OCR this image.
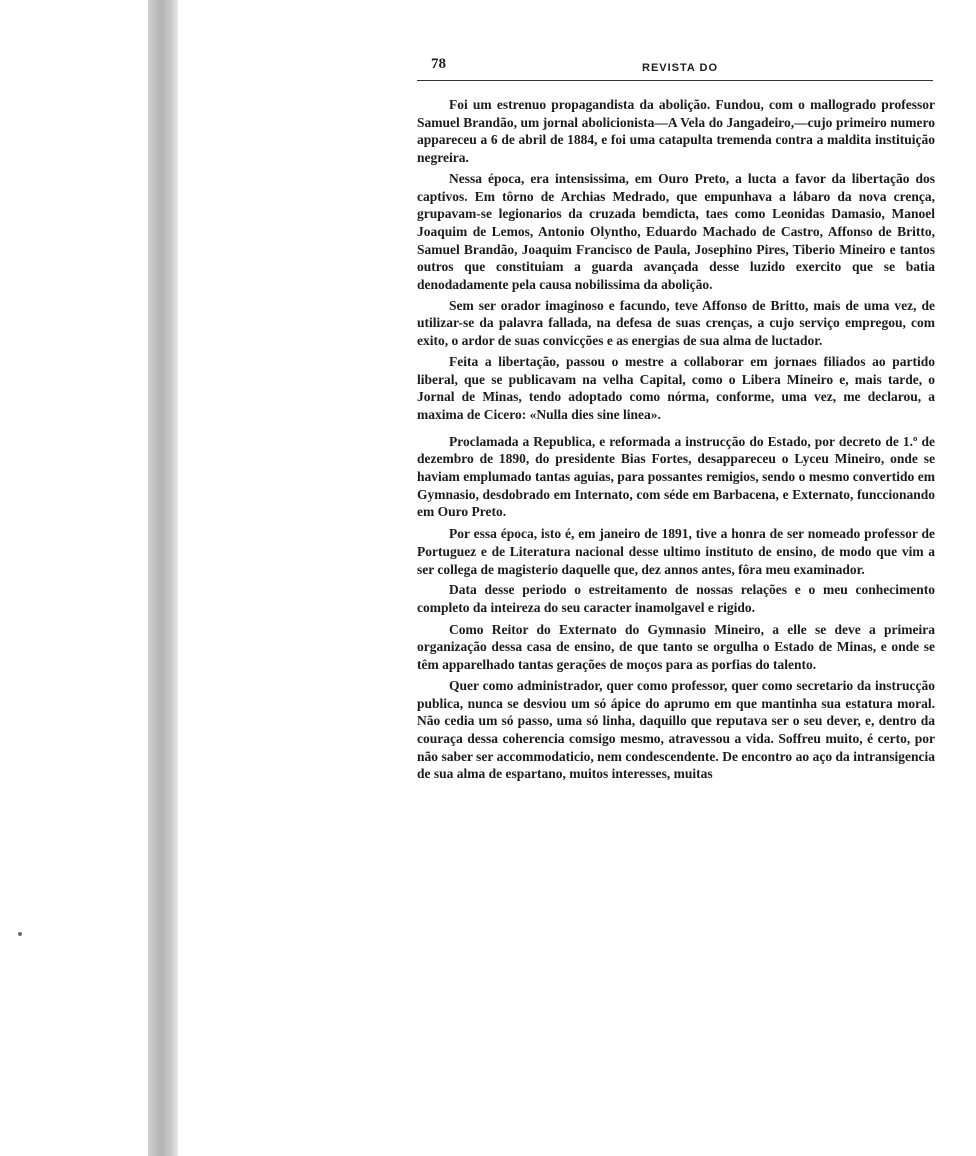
78	REVISTA DO

Foi um estrenuo propagandista da abolição. Fundou, com o mallogrado professor Samuel Brandão, um jornal abolicionista—A Vela do Jangadeiro,—cujo primeiro numero appareceu a 6 de abril de 1884, e foi uma catapulta tremenda contra a maldita instituição negreira.

Nessa época, era intensissima, em Ouro Preto, a lucta a favor da libertação dos captivos. Em tôrno de Archias Medrado, que empunhava a lábaro da nova crença, grupavam-se legionarios da cruzada bemdicta, taes como Leonidas Damasio, Manoel Joaquim de Lemos, Antonio Olyntho, Eduardo Machado de Castro, Affonso de Britto, Samuel Brandão, Joaquim Francisco de Paula, Josephino Pires, Tiberio Mineiro e tantos outros que constituiam a guarda avançada desse luzido exercito que se batia denodadamente pela causa nobilissima da abolição.

Sem ser orador imaginoso e facundo, teve Affonso de Britto, mais de uma vez, de utilizar-se da palavra fallada, na defesa de suas crenças, a cujo serviço empregou, com exito, o ardor de suas convicções e as energias de sua alma de luctador.

Feita a libertação, passou o mestre a collaborar em jornaes filiados ao partido liberal, que se publicavam na velha Capital, como o Libera Mineiro e, mais tarde, o Jornal de Minas, tendo adoptado como nórma, conforme, uma vez, me declarou, a maxima de Cicero: «Nulla dies sine linea».

Proclamada a Republica, e reformada a instrucção do Estado, por decreto de 1.º de dezembro de 1890, do presidente Bias Fortes, desappareceu o Lyceu Mineiro, onde se haviam emplumado tantas aguias, para possantes remigios, sendo o mesmo convertido em Gymnasio, desdobrado em Internato, com séde em Barbacena, e Externato, funccionando em Ouro Preto.

Por essa época, isto é, em janeiro de 1891, tive a honra de ser nomeado professor de Portuguez e de Literatura nacional desse ultimo instituto de ensino, de modo que vim a ser collega de magisterio daquelle que, dez annos antes, fôra meu examinador.

Data desse periodo o estreitamento de nossas relações e o meu conhecimento completo da inteireza do seu caracter inamolgavel e rigido.

Como Reitor do Externato do Gymnasio Mineiro, a elle se deve a primeira organização dessa casa de ensino, de que tanto se orgulha o Estado de Minas, e onde se têm apparelhado tantas gerações de moços para as porfias do talento.

Quer como administrador, quer como professor, quer como secretario da instrucção publica, nunca se desviou um só ápice do aprumo em que mantinha sua estatura moral. Não cedia um só passo, uma só linha, daquillo que reputava ser o seu dever, e, dentro da couraça dessa coherencia comsigo mesmo, atravessou a vida. Soffreu muito, é certo, por não saber ser accommodaticio, nem condescendente. De encontro ao aço da intransigencia de sua alma de espartano, muitos interesses, muitas
